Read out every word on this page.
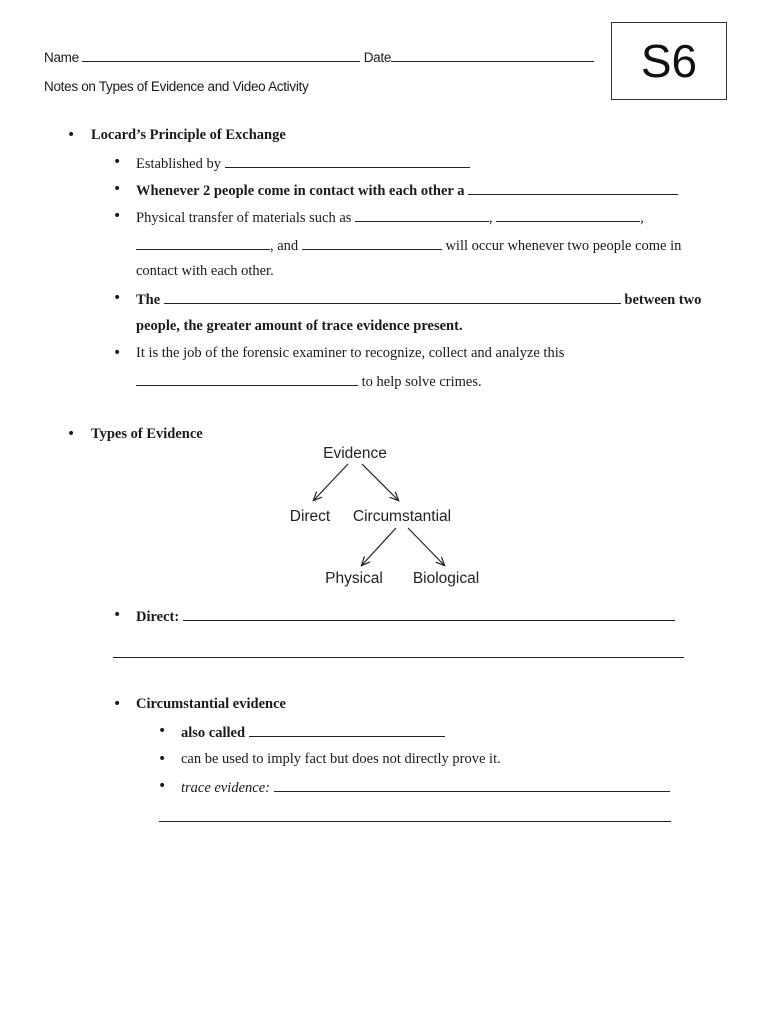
Name	Date
Notes on Types of Evidence and Video Activity	S6
• Locard’s Principle of Exchange
• Established by
• Whenever 2 people come in contact with each other a
• Physical transfer of materials such as	,	,
, and	will occur whenever two people come in
contact with each other.
• The	between two
people, the greater amount of trace evidence present.
• It is the job of the forensic examiner to recognize, collect and analyze this
to help solve crimes.
• Types of Evidence
Evidence
Direct Circumstantial
Physical Biological
• Direct:
• Circumstantial evidence
• also called
• can be used to imply fact but does not directly prove it.
• trace evidence:
